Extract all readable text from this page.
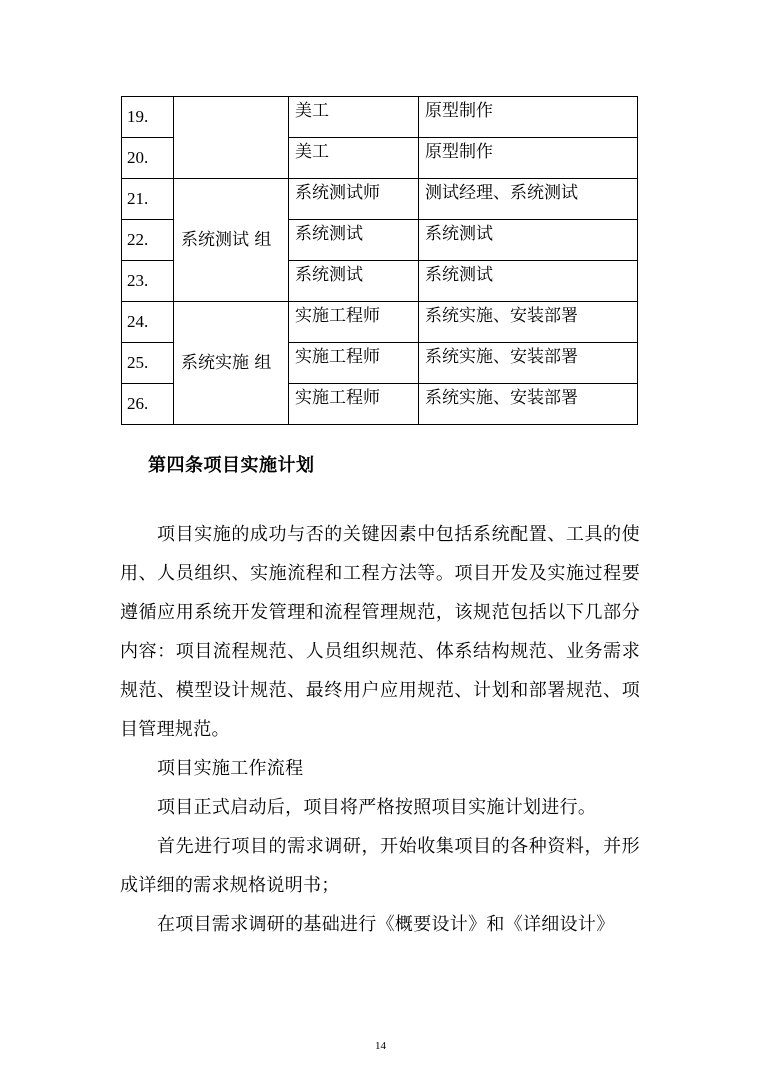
19.		美工	原型制作
20.		美工	原型制作
21.	系统测试 组	系统测试师	测试经理、系统测试
22.		系统测试	系统测试
23.		系统测试	系统测试
24.	系统实施 组	实施工程师	系统实施、安装部署
25.		实施工程师	系统实施、安装部署
26.		实施工程师	系统实施、安装部署
第四条项目实施计划

项目实施的成功与否的关键因素中包括系统配置、工具的使用、人员组织、实施流程和工程方法等。项目开发及实施过程要遵循应用系统开发管理和流程管理规范，该规范包括以下几部分内容：项目流程规范、人员组织规范、体系结构规范、业务需求规范、模型设计规范、最终用户应用规范、计划和部署规范、项目管理规范。

项目实施工作流程

项目正式启动后，项目将严格按照项目实施计划进行。

首先进行项目的需求调研，开始收集项目的各种资料，并形成详细的需求规格说明书；

在项目需求调研的基础进行《概要设计》和《详细设计》

14
